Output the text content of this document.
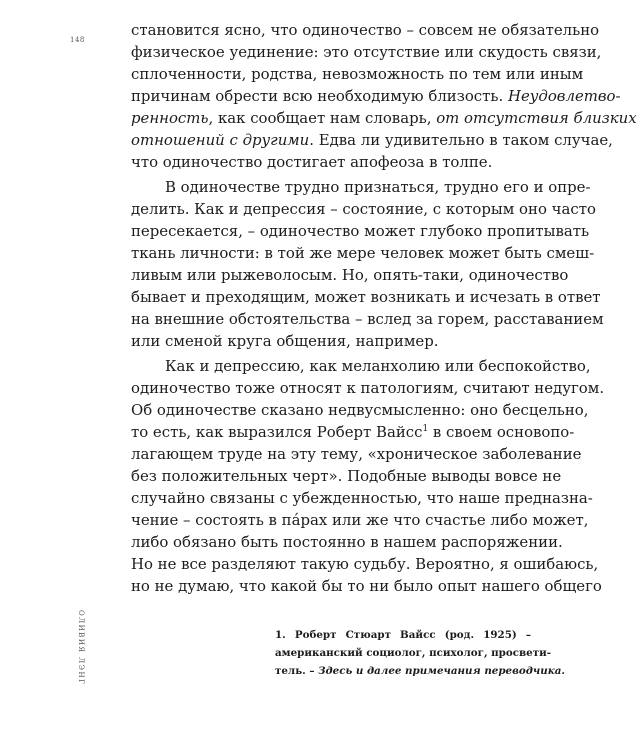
148
становится ясно, что одиночество – совсем не обязательно
физическое уединение: это отсутствие или скудость связи,
сплоченности, родства, невозможность по тем или иным
причинам обрести всю необходимую близость. Неудовлетво-
ренность, как сообщает нам словарь, от отсутствия близких
отношений с другими. Едва ли удивительно в таком случае,
что одиночество достигает апофеоза в толпе.
В одиночестве трудно признаться, трудно его и опре-
делить. Как и депрессия – состояние, с которым оно часто
пересекается, – одиночество может глубоко пропитывать
ткань личности: в той же мере человек может быть смеш-
ливым или рыжеволосым. Но, опять-таки, одиночество
бывает и преходящим, может возникать и исчезать в ответ
на внешние обстоятельства – вслед за горем, расставанием
или сменой круга общения, например.
Как и депрессию, как меланхолию или беспокойство,
одиночество тоже относят к патологиям, считают недугом.
Об одиночестве сказано недвусмысленно: оно бесцельно,
то есть, как выразился Роберт Вайсс$^1$ в своем основопо-
лагающем труде на эту тему, «хроническое заболевание
без положительных черт». Подобные выводы вовсе не
случайно связаны с убежденностью, что наше предназна-
чение – состоять в пáрах или же что счастье либо может,
либо обязано быть постоянно в нашем распоряжении.
Но не все разделяют такую судьбу. Вероятно, я ошибаюсь,
но не думаю, что какой бы то ни было опыт нашего общего
ОЛИВИЯ ЛЭНГ	1. Роберт Стюарт Вайсс (род. 1925) –
американский социолог, психолог, просвети-
тель. – Здесь и далее примечания переводчика.
